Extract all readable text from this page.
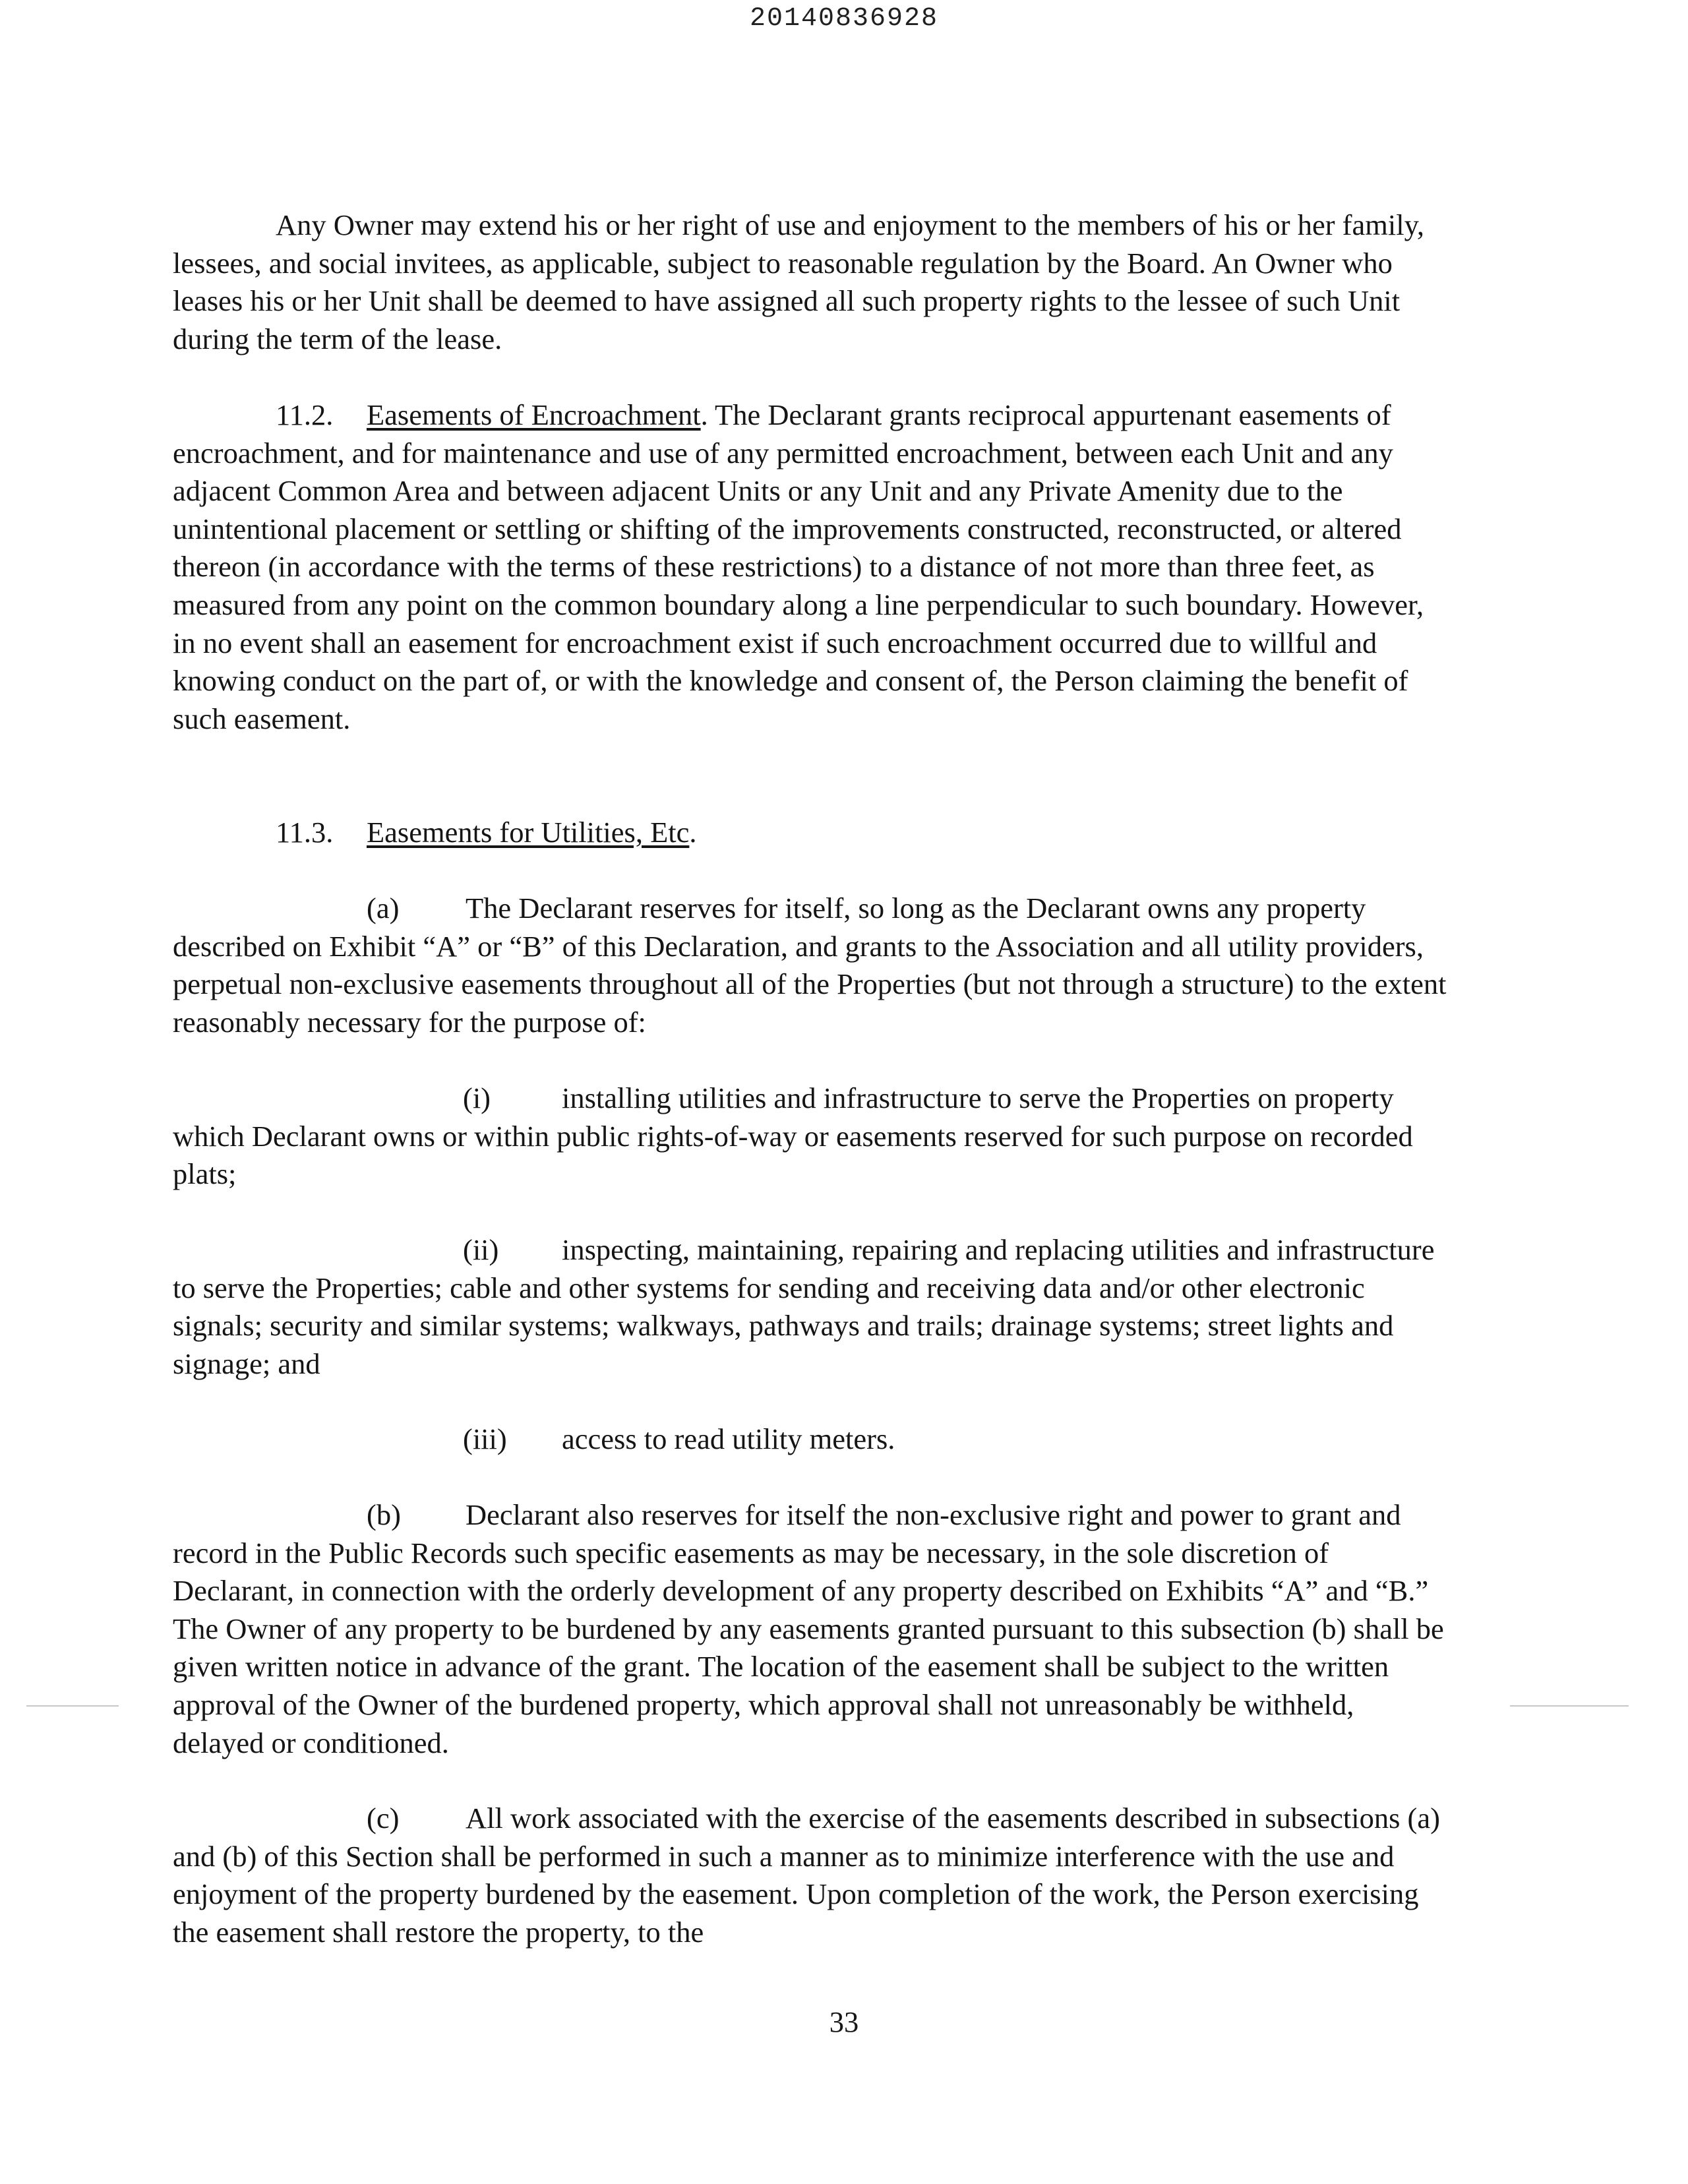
20140836928

Any Owner may extend his or her right of use and enjoyment to the members of his or her family, lessees, and social invitees, as applicable, subject to reasonable regulation by the Board. An Owner who leases his or her Unit shall be deemed to have assigned all such property rights to the lessee of such Unit during the term of the lease.

11.2. Easements of Encroachment. The Declarant grants reciprocal appurtenant easements of encroachment, and for maintenance and use of any permitted encroachment, between each Unit and any adjacent Common Area and between adjacent Units or any Unit and any Private Amenity due to the unintentional placement or settling or shifting of the improvements constructed, reconstructed, or altered thereon (in accordance with the terms of these restrictions) to a distance of not more than three feet, as measured from any point on the common boundary along a line perpendicular to such boundary. However, in no event shall an easement for encroachment exist if such encroachment occurred due to willful and knowing conduct on the part of, or with the knowledge and consent of, the Person claiming the benefit of such easement.

11.3. Easements for Utilities, Etc.

(a) The Declarant reserves for itself, so long as the Declarant owns any property described on Exhibit “A” or “B” of this Declaration, and grants to the Association and all utility providers, perpetual non-exclusive easements throughout all of the Properties (but not through a structure) to the extent reasonably necessary for the purpose of:

(i) installing utilities and infrastructure to serve the Properties on property which Declarant owns or within public rights-of-way or easements reserved for such purpose on recorded plats;

(ii) inspecting, maintaining, repairing and replacing utilities and infrastructure to serve the Properties; cable and other systems for sending and receiving data and/or other electronic signals; security and similar systems; walkways, pathways and trails; drainage systems; street lights and signage; and

(iii) access to read utility meters.

(b) Declarant also reserves for itself the non-exclusive right and power to grant and record in the Public Records such specific easements as may be necessary, in the sole discretion of Declarant, in connection with the orderly development of any property described on Exhibits “A” and “B.” The Owner of any property to be burdened by any easements granted pursuant to this subsection (b) shall be given written notice in advance of the grant. The location of the easement shall be subject to the written approval of the Owner of the burdened property, which approval shall not unreasonably be withheld, delayed or conditioned.

(c) All work associated with the exercise of the easements described in subsections (a) and (b) of this Section shall be performed in such a manner as to minimize interference with the use and enjoyment of the property burdened by the easement. Upon completion of the work, the Person exercising the easement shall restore the property, to the

33
